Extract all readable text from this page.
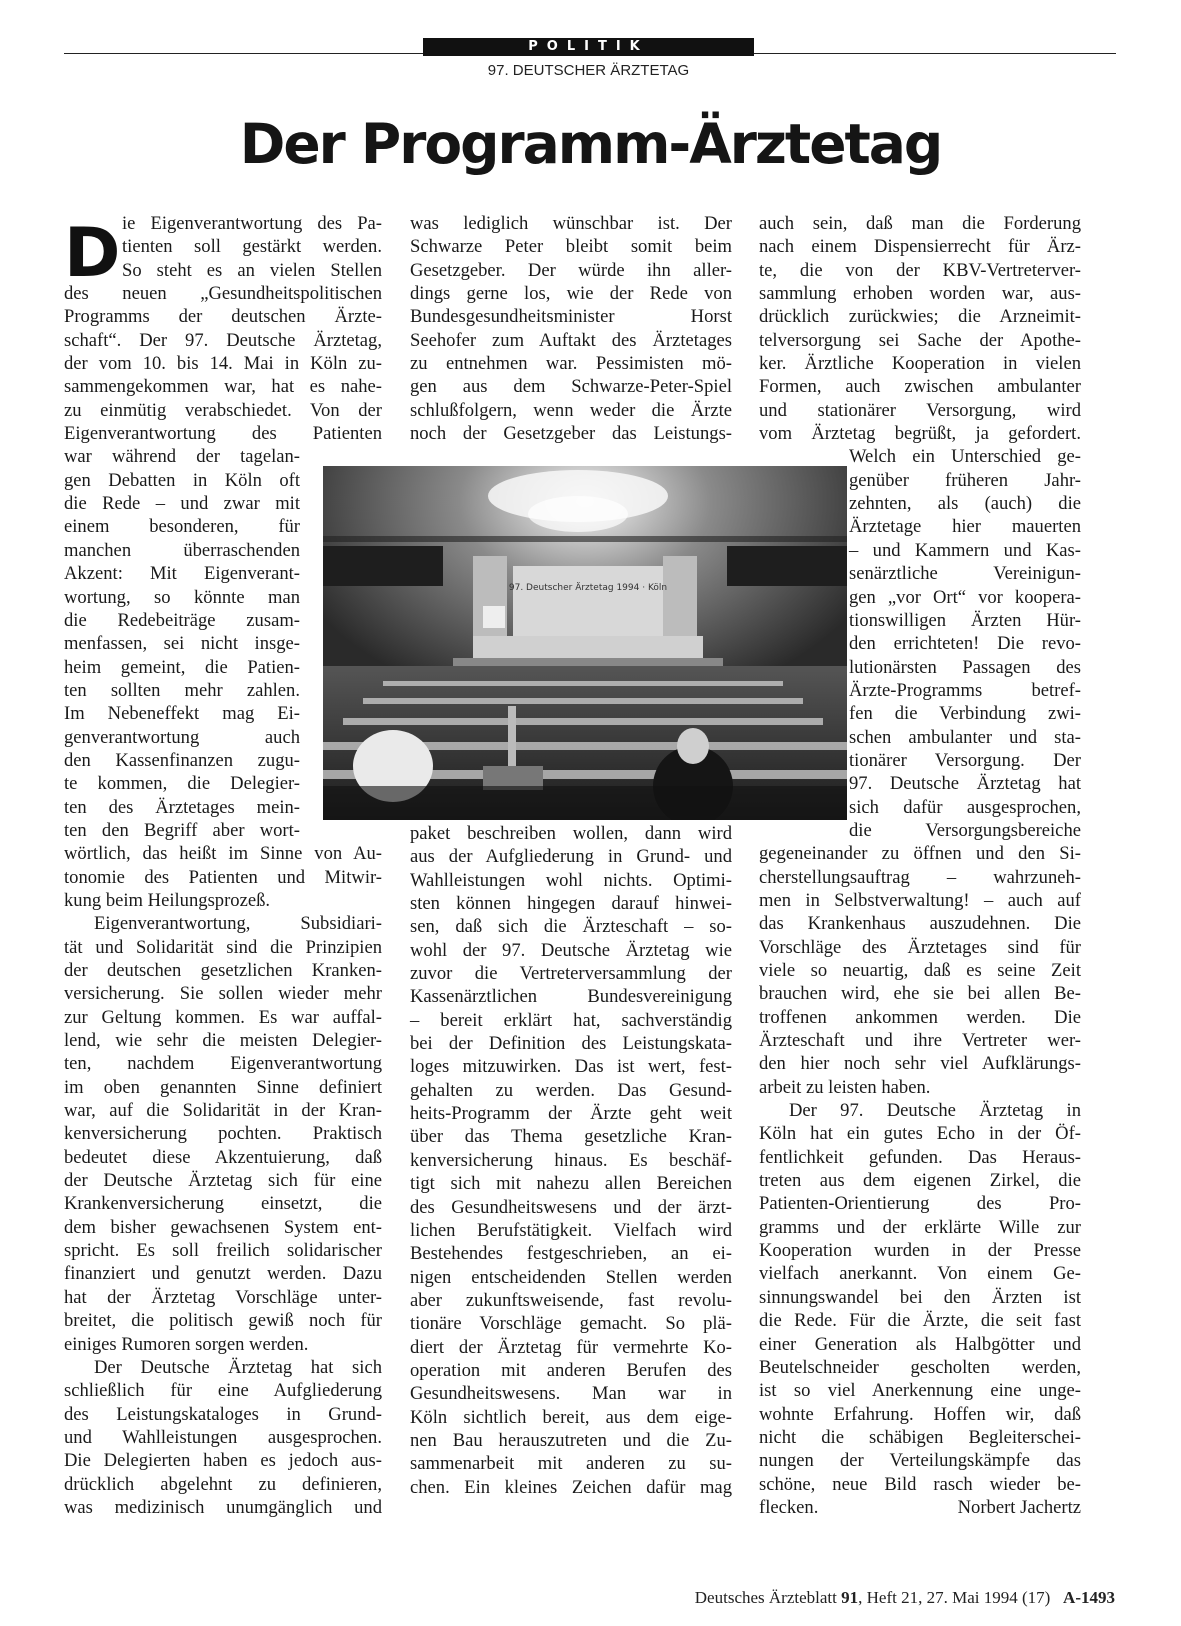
POLITIK
97. DEUTSCHER ÄRZTETAG
Der Programm-Ärztetag
D ie Eigenverantwortung des Pa-
tienten soll gestärkt werden.
So steht es an vielen Stellen
des neuen „Gesundheitspolitischen
Programms der deutschen Ärzte-
schaft“. Der 97. Deutsche Ärztetag,
der vom 10. bis 14. Mai in Köln zu-
sammengekommen war, hat es nahe-
zu einmütig verabschiedet. Von der
Eigenverantwortung des Patienten
war während der tagelan-
gen Debatten in Köln oft
die Rede – und zwar mit
einem besonderen, für
manchen überraschenden
Akzent: Mit Eigenverant-
wortung, so könnte man
die Redebeiträge zusam-
menfassen, sei nicht insge-
heim gemeint, die Patien-
ten sollten mehr zahlen.
Im Nebeneffekt mag Ei-
genverantwortung auch
den Kassenfinanzen zugu-
te kommen, die Delegier-
ten des Ärztetages mein-
ten den Begriff aber wort-
wörtlich, das heißt im Sinne von Au-
tonomie des Patienten und Mitwir-
kung beim Heilungsprozeß.
Eigenverantwortung, Subsidiari-
tät und Solidarität sind die Prinzipien
der deutschen gesetzlichen Kranken-
versicherung. Sie sollen wieder mehr
zur Geltung kommen. Es war auffal-
lend, wie sehr die meisten Delegier-
ten, nachdem Eigenverantwortung
im oben genannten Sinne definiert
war, auf die Solidarität in der Kran-
kenversicherung pochten. Praktisch
bedeutet diese Akzentuierung, daß
der Deutsche Ärztetag sich für eine
Krankenversicherung einsetzt, die
dem bisher gewachsenen System ent-
spricht. Es soll freilich solidarischer
finanziert und genutzt werden. Dazu
hat der Ärztetag Vorschläge unter-
breitet, die politisch gewiß noch für
einiges Rumoren sorgen werden.
Der Deutsche Ärztetag hat sich
schließlich für eine Aufgliederung
des Leistungskataloges in Grund-
und Wahlleistungen ausgesprochen.
Die Delegierten haben es jedoch aus-
drücklich abgelehnt zu definieren,
was medizinisch unumgänglich und
was lediglich wünschbar ist. Der
Schwarze Peter bleibt somit beim
Gesetzgeber. Der würde ihn aller-
dings gerne los, wie der Rede von
Bundesgesundheitsminister Horst
Seehofer zum Auftakt des Ärztetages
zu entnehmen war. Pessimisten mö-
gen aus dem Schwarze-Peter-Spiel
schlußfolgern, wenn weder die Ärzte
noch der Gesetzgeber das Leistungs-
paket beschreiben wollen, dann wird
aus der Aufgliederung in Grund- und
Wahlleistungen wohl nichts. Optimi-
sten können hingegen darauf hinwei-
sen, daß sich die Ärzteschaft – so-
wohl der 97. Deutsche Ärztetag wie
zuvor die Vertreterversammlung der
Kassenärztlichen Bundesvereinigung
– bereit erklärt hat, sachverständig
bei der Definition des Leistungskata-
loges mitzuwirken. Das ist wert, fest-
gehalten zu werden. Das Gesund-
heits-Programm der Ärzte geht weit
über das Thema gesetzliche Kran-
kenversicherung hinaus. Es beschäf-
tigt sich mit nahezu allen Bereichen
des Gesundheitswesens und der ärzt-
lichen Berufstätigkeit. Vielfach wird
Bestehendes festgeschrieben, an ei-
nigen entscheidenden Stellen werden
aber zukunftsweisende, fast revolu-
tionäre Vorschläge gemacht. So plä-
diert der Ärztetag für vermehrte Ko-
operation mit anderen Berufen des
Gesundheitswesens. Man war in
Köln sichtlich bereit, aus dem eige-
nen Bau herauszutreten und die Zu-
sammenarbeit mit anderen zu su-
chen. Ein kleines Zeichen dafür mag
auch sein, daß man die Forderung
nach einem Dispensierrecht für Ärz-
te, die von der KBV-Vertreterver-
sammlung erhoben worden war, aus-
drücklich zurückwies; die Arzneimit-
telversorgung sei Sache der Apothe-
ker. Ärztliche Kooperation in vielen
Formen, auch zwischen ambulanter
und stationärer Versorgung, wird
vom Ärztetag begrüßt, ja gefordert.
Welch ein Unterschied ge-
genüber früheren Jahr-
zehnten, als (auch) die
Ärztetage hier mauerten
– und Kammern und Kas-
senärztliche Vereinigun-
gen „vor Ort“ vor koopera-
tionswilligen Ärzten Hür-
den errichteten! Die revo-
lutionärsten Passagen des
Ärzte-Programms betref-
fen die Verbindung zwi-
schen ambulanter und sta-
tionärer Versorgung. Der
97. Deutsche Ärztetag hat
sich dafür ausgesprochen,
die Versorgungsbereiche
gegeneinander zu öffnen und den Si-
cherstellungsauftrag – wahrzuneh-
men in Selbstverwaltung! – auch auf
das Krankenhaus auszudehnen. Die
Vorschläge des Ärztetages sind für
viele so neuartig, daß es seine Zeit
brauchen wird, ehe sie bei allen Be-
troffenen ankommen werden. Die
Ärzteschaft und ihre Vertreter wer-
den hier noch sehr viel Aufklärungs-
arbeit zu leisten haben.
Der 97. Deutsche Ärztetag in
Köln hat ein gutes Echo in der Öf-
fentlichkeit gefunden. Das Heraus-
treten aus dem eigenen Zirkel, die
Patienten-Orientierung des Pro-
gramms und der erklärte Wille zur
Kooperation wurden in der Presse
vielfach anerkannt. Von einem Ge-
sinnungswandel bei den Ärzten ist
die Rede. Für die Ärzte, die seit fast
einer Generation als Halbgötter und
Beutelschneider gescholten werden,
ist so viel Anerkennung eine unge-
wohnte Erfahrung. Hoffen wir, daß
nicht die schäbigen Begleiterschei-
nungen der Verteilungskämpfe das
schöne, neue Bild rasch wieder be-
flecken.	Norbert Jachertz
97. Deutscher Ärztetag 1994 · Köln
Deutsches Ärzteblatt 91, Heft 21, 27. Mai 1994 (17) A-1493
